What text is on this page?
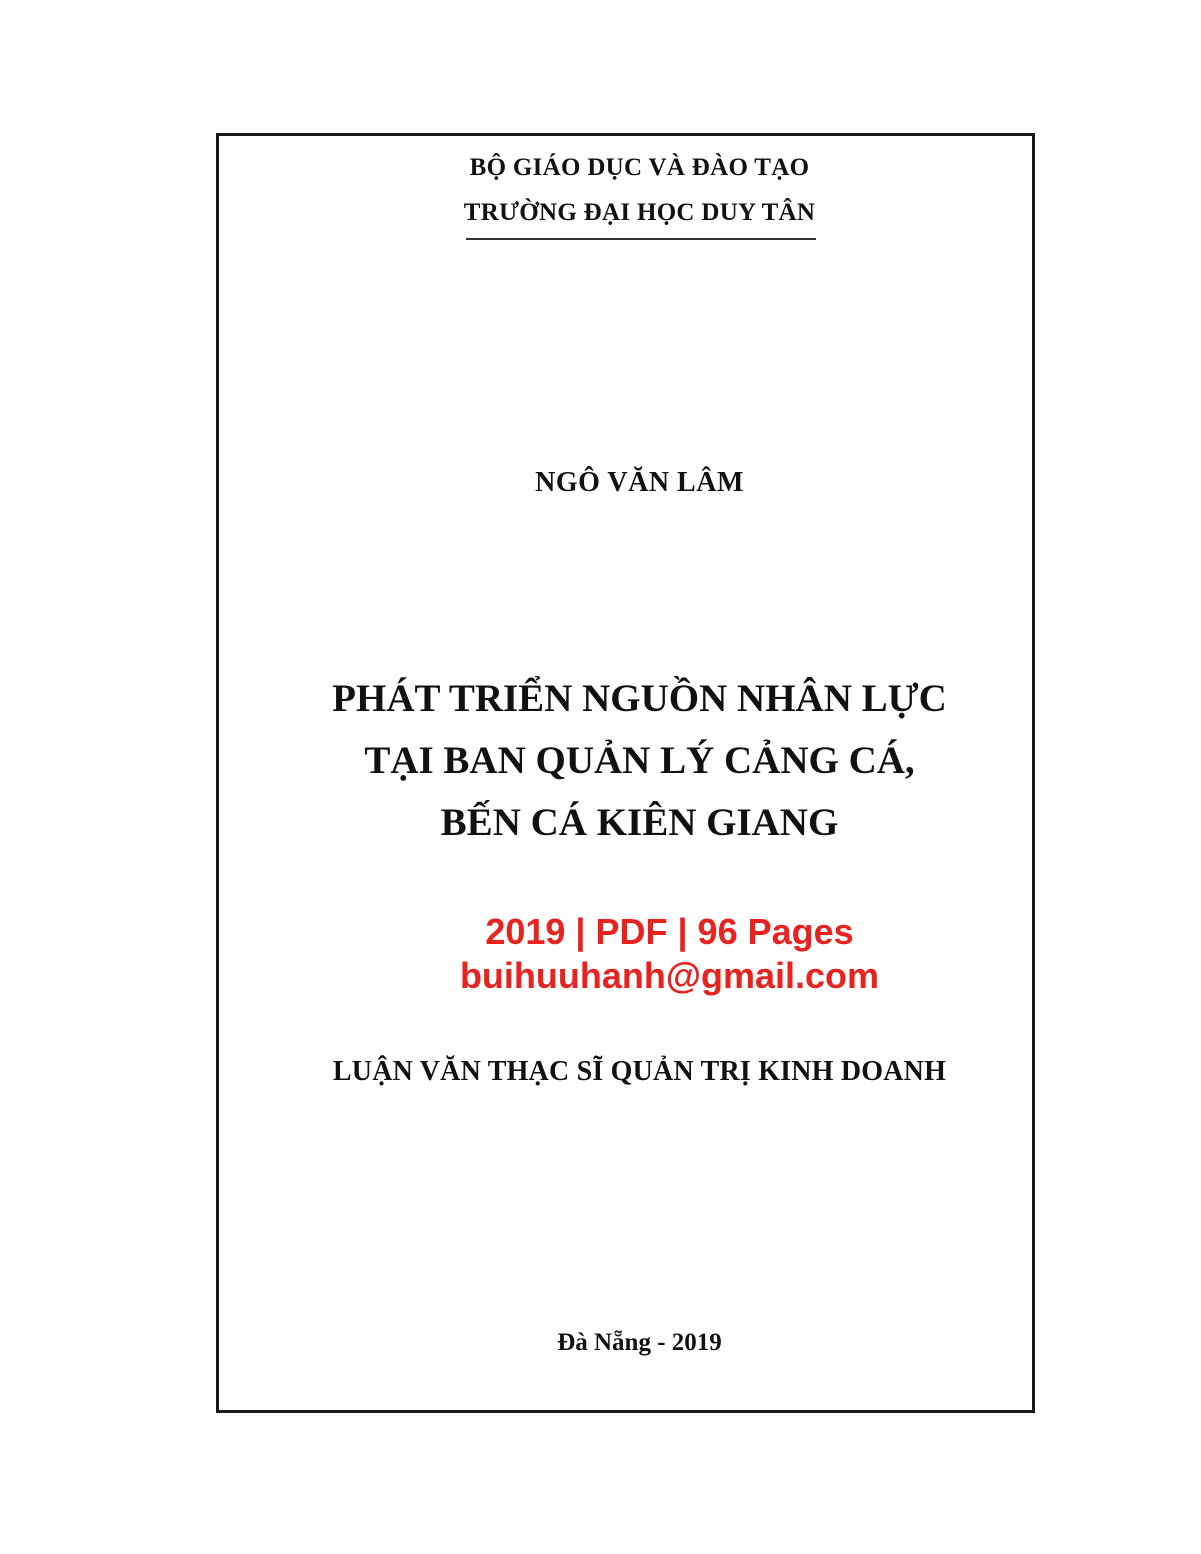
BỘ GIÁO DỤC VÀ ĐÀO TẠO
TRƯỜNG ĐẠI HỌC DUY TÂN
NGÔ VĂN LÂM
PHÁT TRIỂN NGUỒN NHÂN LỰC
TẠI BAN QUẢN LÝ CẢNG CÁ,
BẾN CÁ KIÊN GIANG
2019 | PDF | 96 Pages
buihuuhanh@gmail.com
LUẬN VĂN THẠC SĨ QUẢN TRỊ KINH DOANH
Đà Nẵng - 2019
